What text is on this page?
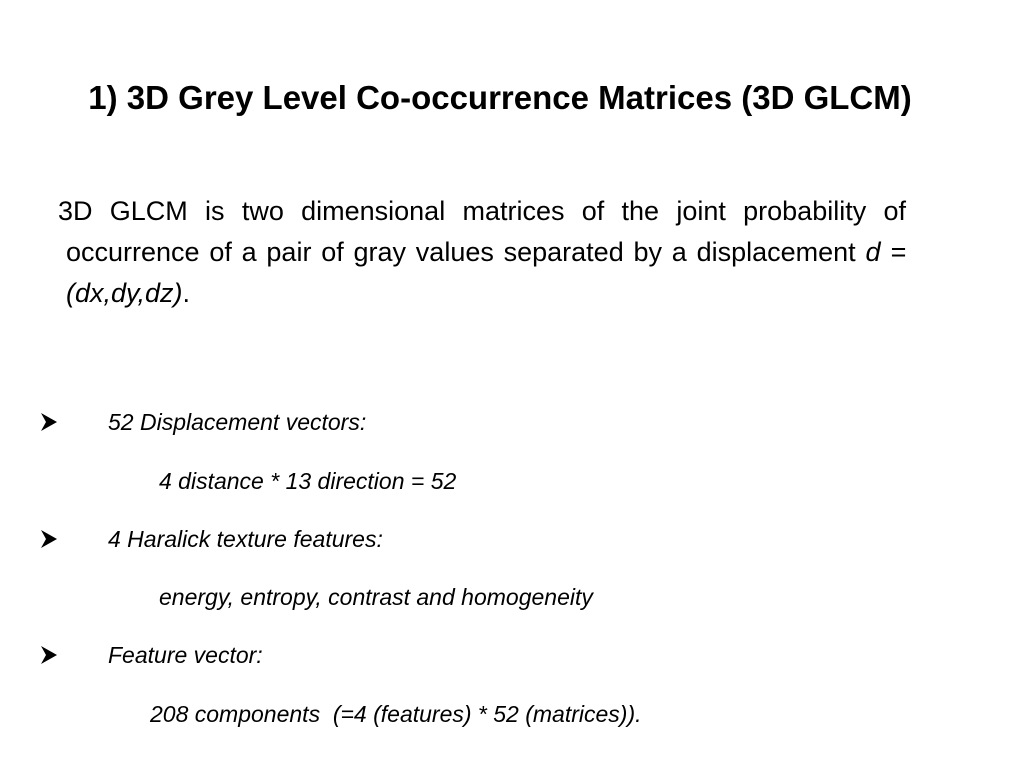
1) 3D Grey Level Co-occurrence Matrices (3D GLCM)

3D GLCM is two dimensional matrices of the joint probability of occurrence of a pair of gray values separated by a displacement d = (dx,dy,dz).

52 Displacement vectors:
4 distance * 13 direction = 52
4 Haralick texture features:
energy, entropy, contrast and homogeneity
Feature vector:
208 components  (=4 (features) * 52 (matrices)).
